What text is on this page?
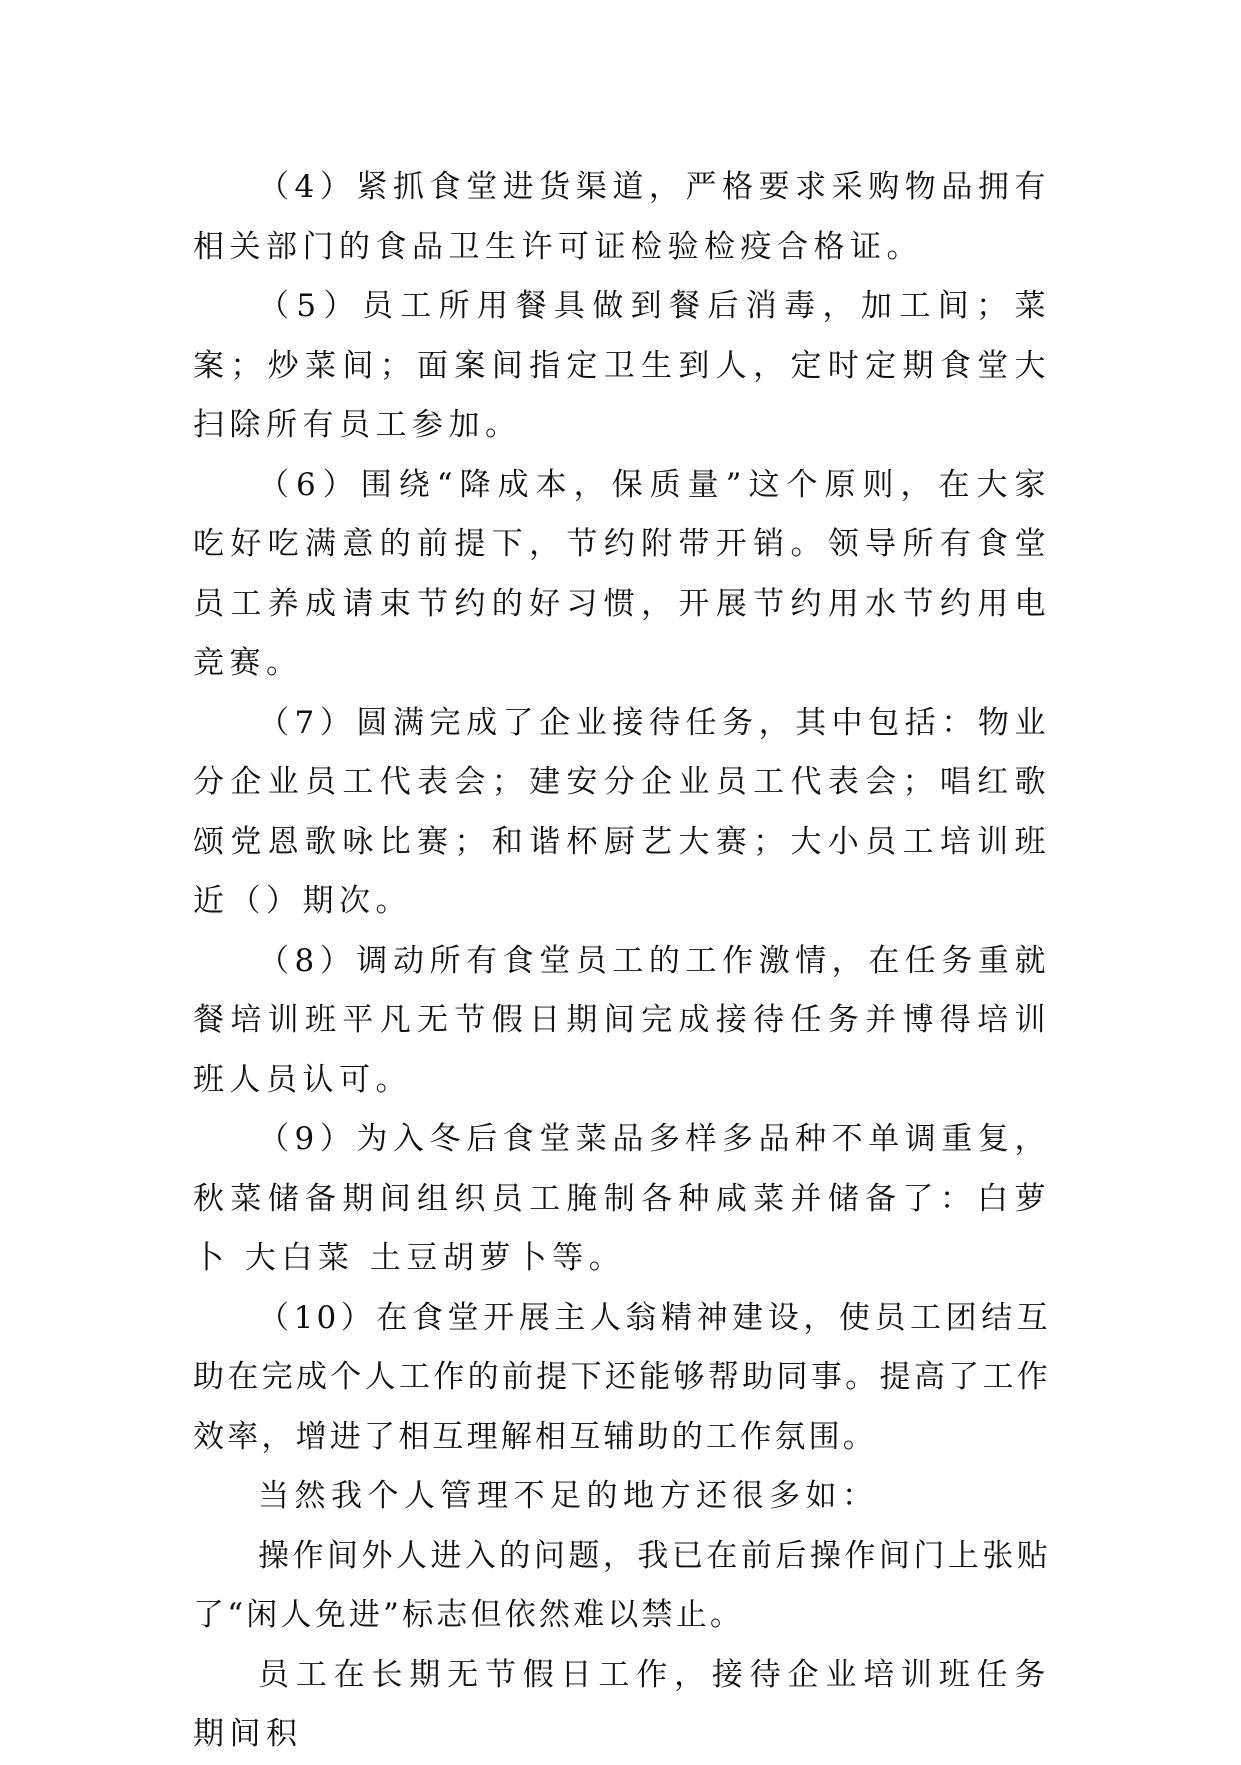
（4）紧抓食堂进货渠道，严格要求采购物品拥有相关部门的食品卫生许可证检验检疫合格证。

（5）员工所用餐具做到餐后消毒，加工间；菜案；炒菜间；面案间指定卫生到人，定时定期食堂大扫除所有员工参加。

（6）围绕“降成本，保质量”这个原则，在大家吃好吃满意的前提下，节约附带开销。领导所有食堂员工养成请束节约的好习惯，开展节约用水节约用电竞赛。

（7）圆满完成了企业接待任务，其中包括：物业分企业员工代表会；建安分企业员工代表会；唱红歌颂党恩歌咏比赛；和谐杯厨艺大赛；大小员工培训班近（）期次。

（8）调动所有食堂员工的工作激情，在任务重就餐培训班平凡无节假日期间完成接待任务并博得培训班人员认可。

（9）为入冬后食堂菜品多样多品种不单调重复，秋菜储备期间组织员工腌制各种咸菜并储备了：白萝卜 大白菜 土豆胡萝卜等。

（10）在食堂开展主人翁精神建设，使员工团结互助在完成个人工作的前提下还能够帮助同事。提高了工作效率，增进了相互理解相互辅助的工作氛围。

当然我个人管理不足的地方还很多如：

操作间外人进入的问题，我已在前后操作间门上张贴了“闲人免进”标志但依然难以禁止。

员工在长期无节假日工作，接待企业培训班任务期间积
